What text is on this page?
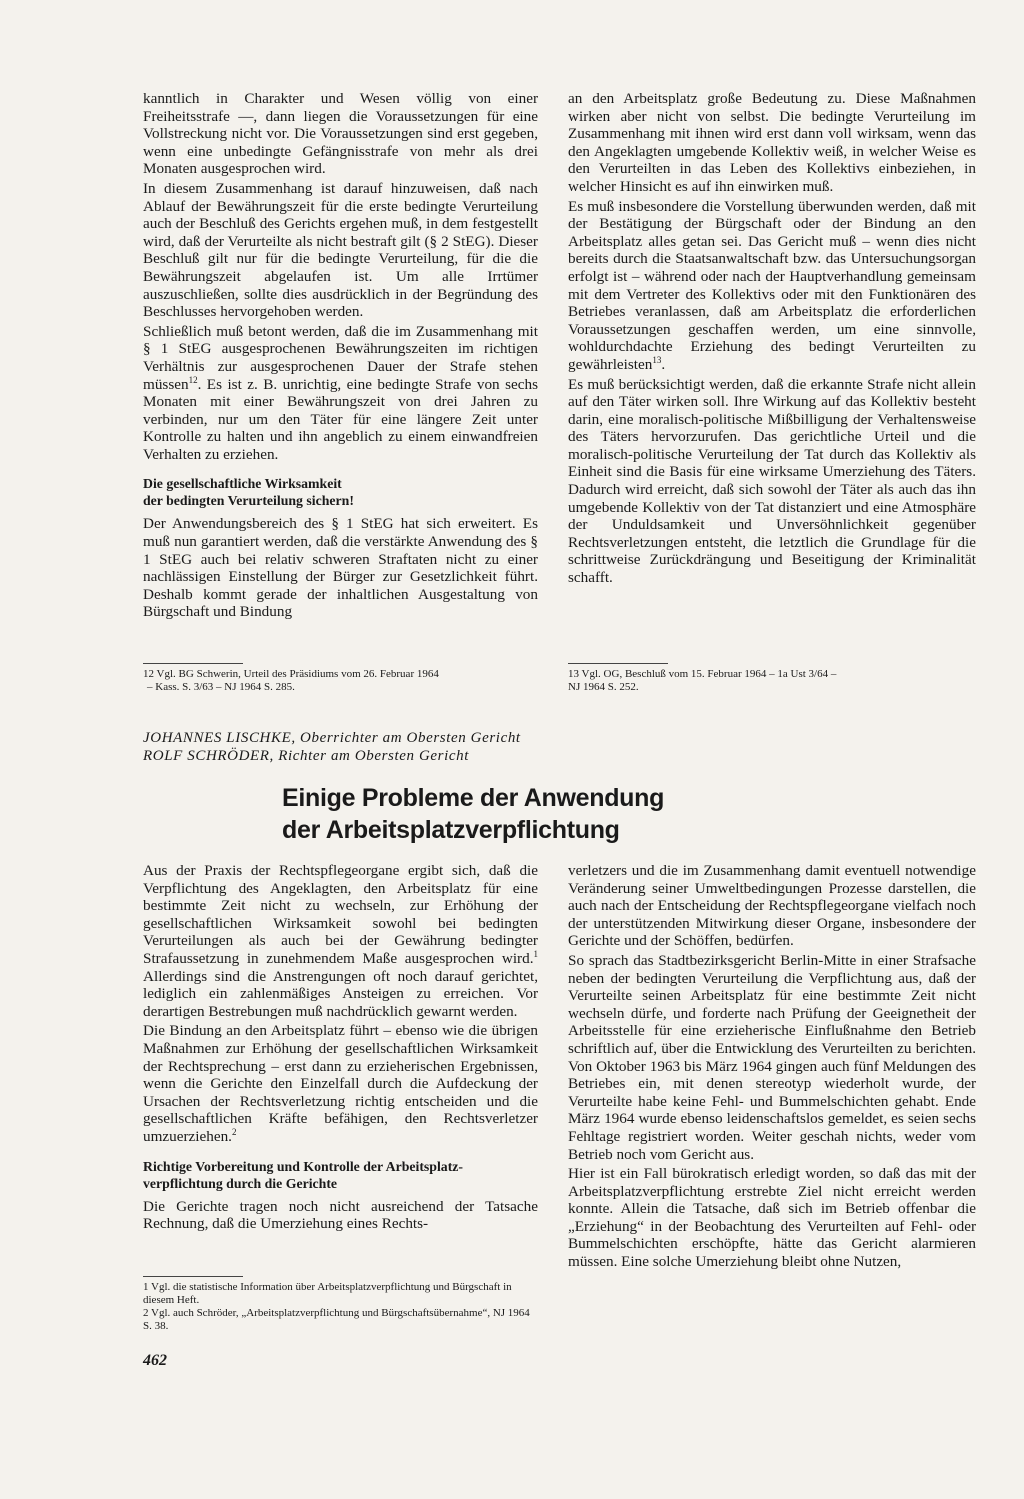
kanntlich in Charakter und Wesen völlig von einer Freiheitsstrafe —, dann liegen die Voraussetzungen für eine Vollstreckung nicht vor. Die Voraussetzungen sind erst gegeben, wenn eine unbedingte Gefängnisstrafe von mehr als drei Monaten ausgesprochen wird.

In diesem Zusammenhang ist darauf hinzuweisen, daß nach Ablauf der Bewährungszeit für die erste bedingte Verurteilung auch der Beschluß des Gerichts ergehen muß, in dem festgestellt wird, daß der Verurteilte als nicht bestraft gilt (§ 2 StEG). Dieser Beschluß gilt nur für die bedingte Verurteilung, für die die Bewährungszeit abgelaufen ist. Um alle Irrtümer auszuschließen, sollte dies ausdrücklich in der Begründung des Beschlusses hervorgehoben werden.

Schließlich muß betont werden, daß die im Zusammenhang mit § 1 StEG ausgesprochenen Bewährungszeiten im richtigen Verhältnis zur ausgesprochenen Dauer der Strafe stehen müssen$^{12}$. Es ist z. B. unrichtig, eine bedingte Strafe von sechs Monaten mit einer Bewährungszeit von drei Jahren zu verbinden, nur um den Täter für eine längere Zeit unter Kontrolle zu halten und ihn angeblich zu einem einwandfreien Verhalten zu erziehen.

Die gesellschaftliche Wirksamkeit
der bedingten Verurteilung sichern!

Der Anwendungsbereich des § 1 StEG hat sich erweitert. Es muß nun garantiert werden, daß die verstärkte Anwendung des § 1 StEG auch bei relativ schweren Straftaten nicht zu einer nachlässigen Einstellung der Bürger zur Gesetzlichkeit führt. Deshalb kommt gerade der inhaltlichen Ausgestaltung von Bürgschaft und Bindung

12 Vgl. BG Schwerin, Urteil des Präsidiums vom 26. Februar 1964

– Kass. S. 3/63 – NJ 1964 S. 285.

an den Arbeitsplatz große Bedeutung zu. Diese Maßnahmen wirken aber nicht von selbst. Die bedingte Verurteilung im Zusammenhang mit ihnen wird erst dann voll wirksam, wenn das den Angeklagten umgebende Kollektiv weiß, in welcher Weise es den Verurteilten in das Leben des Kollektivs einbeziehen, in welcher Hinsicht es auf ihn einwirken muß.

Es muß insbesondere die Vorstellung überwunden werden, daß mit der Bestätigung der Bürgschaft oder der Bindung an den Arbeitsplatz alles getan sei. Das Gericht muß – wenn dies nicht bereits durch die Staatsanwaltschaft bzw. das Untersuchungsorgan erfolgt ist – während oder nach der Hauptverhandlung gemeinsam mit dem Vertreter des Kollektivs oder mit den Funktionären des Betriebes veranlassen, daß am Arbeitsplatz die erforderlichen Voraussetzungen geschaffen werden, um eine sinnvolle, wohldurchdachte Erziehung des bedingt Verurteilten zu gewährleisten$^{13}$.

Es muß berücksichtigt werden, daß die erkannte Strafe nicht allein auf den Täter wirken soll. Ihre Wirkung auf das Kollektiv besteht darin, eine moralisch-politische Mißbilligung der Verhaltensweise des Täters hervorzurufen. Das gerichtliche Urteil und die moralisch-politische Verurteilung der Tat durch das Kollektiv als Einheit sind die Basis für eine wirksame Umerziehung des Täters. Dadurch wird erreicht, daß sich sowohl der Täter als auch das ihn umgebende Kollektiv von der Tat distanziert und eine Atmosphäre der Unduldsamkeit und Unversöhnlichkeit gegenüber Rechtsverletzungen entsteht, die letztlich die Grundlage für die schrittweise Zurückdrängung und Beseitigung der Kriminalität schafft.

13 Vgl. OG, Beschluß vom 15. Februar 1964 – 1a Ust 3/64 –

NJ 1964 S. 252.

JOHANNES LISCHKE, Oberrichter am Obersten Gericht
ROLF SCHRÖDER, Richter am Obersten Gericht
Einige Probleme der Anwendung
der Arbeitsplatzverpflichtung

Aus der Praxis der Rechtspflegeorgane ergibt sich, daß die Verpflichtung des Angeklagten, den Arbeitsplatz für eine bestimmte Zeit nicht zu wechseln, zur Erhöhung der gesellschaftlichen Wirksamkeit sowohl bei bedingten Verurteilungen als auch bei der Gewährung bedingter Strafaussetzung in zunehmendem Maße ausgesprochen wird.$^1$ Allerdings sind die Anstrengungen oft noch darauf gerichtet, lediglich ein zahlenmäßiges Ansteigen zu erreichen. Vor derartigen Bestrebungen muß nachdrücklich gewarnt werden.

Die Bindung an den Arbeitsplatz führt – ebenso wie die übrigen Maßnahmen zur Erhöhung der gesellschaftlichen Wirksamkeit der Rechtsprechung – erst dann zu erzieherischen Ergebnissen, wenn die Gerichte den Einzelfall durch die Aufdeckung der Ursachen der Rechtsverletzung richtig entscheiden und die gesellschaftlichen Kräfte befähigen, den Rechtsverletzer umzuerziehen.$^2$

Richtige Vorbereitung und Kontrolle der Arbeitsplatz-
verpflichtung durch die Gerichte

Die Gerichte tragen noch nicht ausreichend der Tatsache Rechnung, daß die Umerziehung eines Rechts-

1 Vgl. die statistische Information über Arbeitsplatzverpflichtung und Bürgschaft in diesem Heft.

2 Vgl. auch Schröder, „Arbeitsplatzverpflichtung und Bürgschaftsübernahme“, NJ 1964 S. 38.

verletzers und die im Zusammenhang damit eventuell notwendige Veränderung seiner Umweltbedingungen Prozesse darstellen, die auch nach der Entscheidung der Rechtspflegeorgane vielfach noch der unterstützenden Mitwirkung dieser Organe, insbesondere der Gerichte und der Schöffen, bedürfen.

So sprach das Stadtbezirksgericht Berlin-Mitte in einer Strafsache neben der bedingten Verurteilung die Verpflichtung aus, daß der Verurteilte seinen Arbeitsplatz für eine bestimmte Zeit nicht wechseln dürfe, und forderte nach Prüfung der Geeignetheit der Arbeitsstelle für eine erzieherische Einflußnahme den Betrieb schriftlich auf, über die Entwicklung des Verurteilten zu berichten. Von Oktober 1963 bis März 1964 gingen auch fünf Meldungen des Betriebes ein, mit denen stereotyp wiederholt wurde, der Verurteilte habe keine Fehl- und Bummelschichten gehabt. Ende März 1964 wurde ebenso leidenschaftslos gemeldet, es seien sechs Fehltage registriert worden. Weiter geschah nichts, weder vom Betrieb noch vom Gericht aus.

Hier ist ein Fall bürokratisch erledigt worden, so daß das mit der Arbeitsplatzverpflichtung erstrebte Ziel nicht erreicht werden konnte. Allein die Tatsache, daß sich im Betrieb offenbar die „Erziehung“ in der Beobachtung des Verurteilten auf Fehl- oder Bummelschichten erschöpfte, hätte das Gericht alarmieren müssen. Eine solche Umerziehung bleibt ohne Nutzen,

462
